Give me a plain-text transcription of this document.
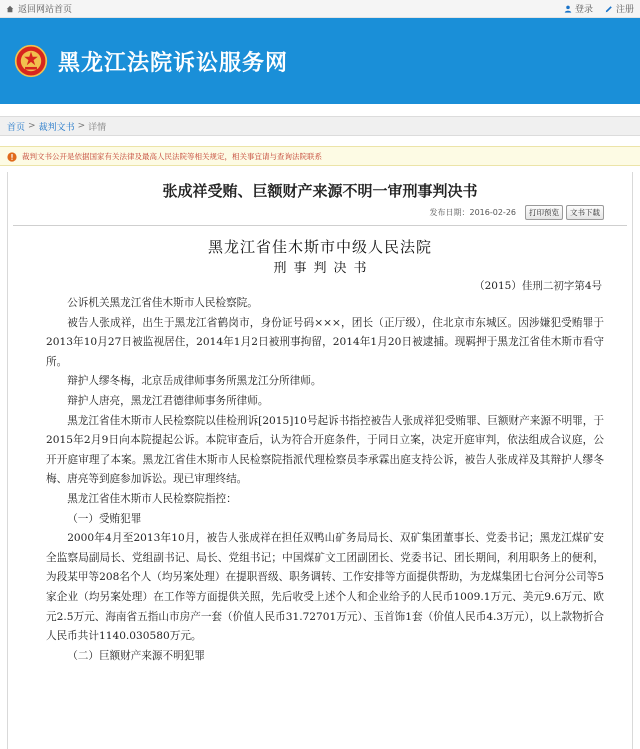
返回网站首页	登录	注册
黑龙江法院诉讼服务网
首页 > 裁判文书 > 详情
裁判文书公开是依据国家有关法律及最高人民法院等相关规定，相关事宜请与查询法院联系
张成祥受贿、巨额财产来源不明一审刑事判决书
发布日期：2016-02-26	打印预览	文书下载
黑龙江省佳木斯市中级人民法院
刑事判决书
（2015）佳刑二初字第4号

公诉机关黑龙江省佳木斯市人民检察院。

被告人张成祥，出生于黑龙江省鹤岗市，身份证号码×××，团长（正厅级），住北京市东城区。因涉嫌犯受贿罪于2013年10月27日被监视居住，2014年1月2日被刑事拘留，2014年1月20日被逮捕。现羁押于黑龙江省佳木斯市看守所。

辩护人缪冬梅，北京岳成律师事务所黑龙江分所律师。

辩护人唐亮，黑龙江君德律师事务所律师。

黑龙江省佳木斯市人民检察院以佳检刑诉[2015]10号起诉书指控被告人张成祥犯受贿罪、巨额财产来源不明罪，于2015年2月9日向本院提起公诉。本院审查后，认为符合开庭条件，于同日立案，决定开庭审判，依法组成合议庭，公开开庭审理了本案。黑龙江省佳木斯市人民检察院指派代理检察员李承霖出庭支持公诉，被告人张成祥及其辩护人缪冬梅、唐亮等到庭参加诉讼。现已审理终结。

黑龙江省佳木斯市人民检察院指控：

（一）受贿犯罪

2000年4月至2013年10月，被告人张成祥在担任双鸭山矿务局局长、双矿集团董事长、党委书记；黑龙江煤矿安全监察局副局长、党组副书记、局长、党组书记；中国煤矿文工团副团长、党委书记、团长期间，利用职务上的便利，为段某甲等208名个人（均另案处理）在提职晋级、职务调转、工作安排等方面提供帮助，为龙煤集团七台河分公司等5家企业（均另案处理）在工作等方面提供关照，先后收受上述个人和企业给予的人民币1009.1万元、美元9.6万元、欧元2.5万元、海南省五指山市房产一套（价值人民币31.72701万元）、玉首饰1套（价值人民币4.3万元），以上款物折合人民币共计1140.030580万元。

（二）巨额财产来源不明犯罪
